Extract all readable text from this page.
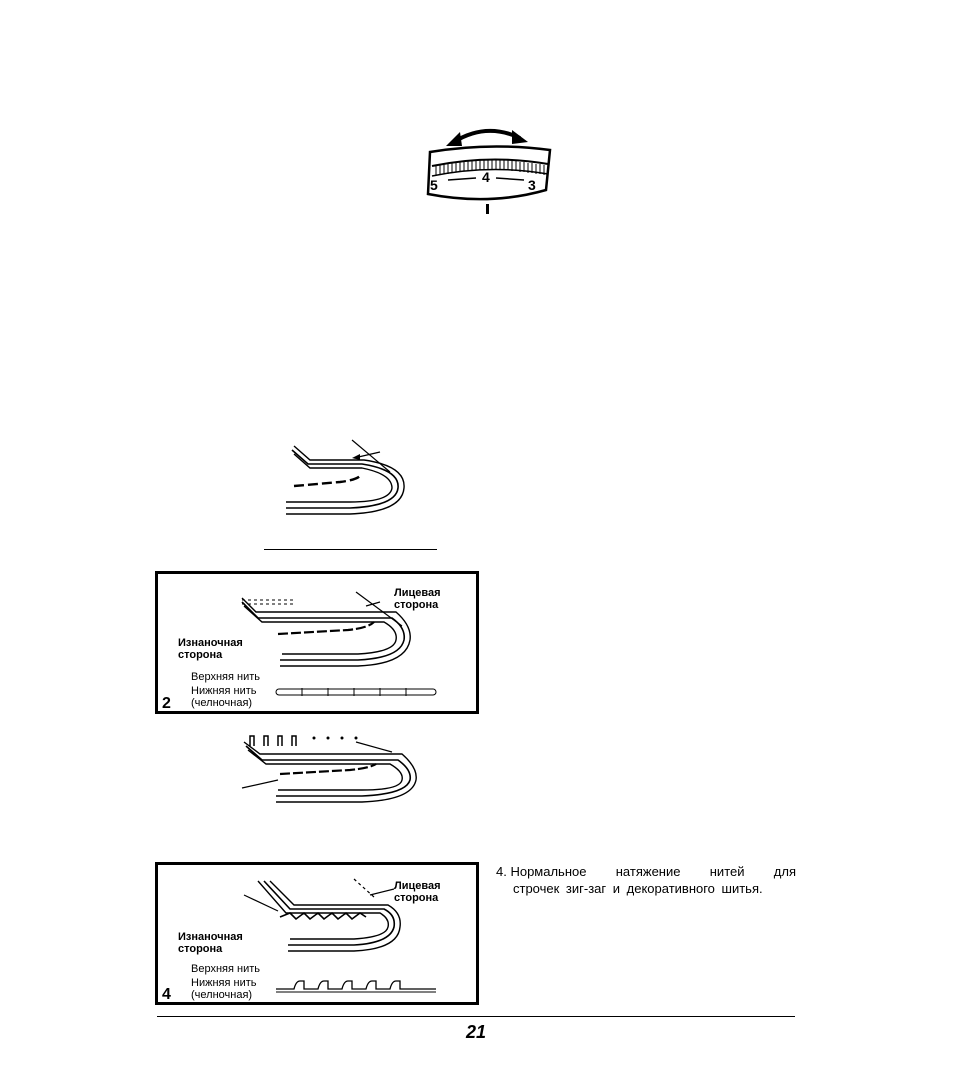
5	4	3
Лицевая
сторона
Изнаночная
сторона
Верхняя нить
Нижняя нить
(челночная)
2
Лицевая
сторона
Изнаночная
сторона
Верхняя нить
Нижняя нить
(челночная)
4
4. Нормальное натяжение нитей для
строчек зиг-заг и декоративного шитья.
21
